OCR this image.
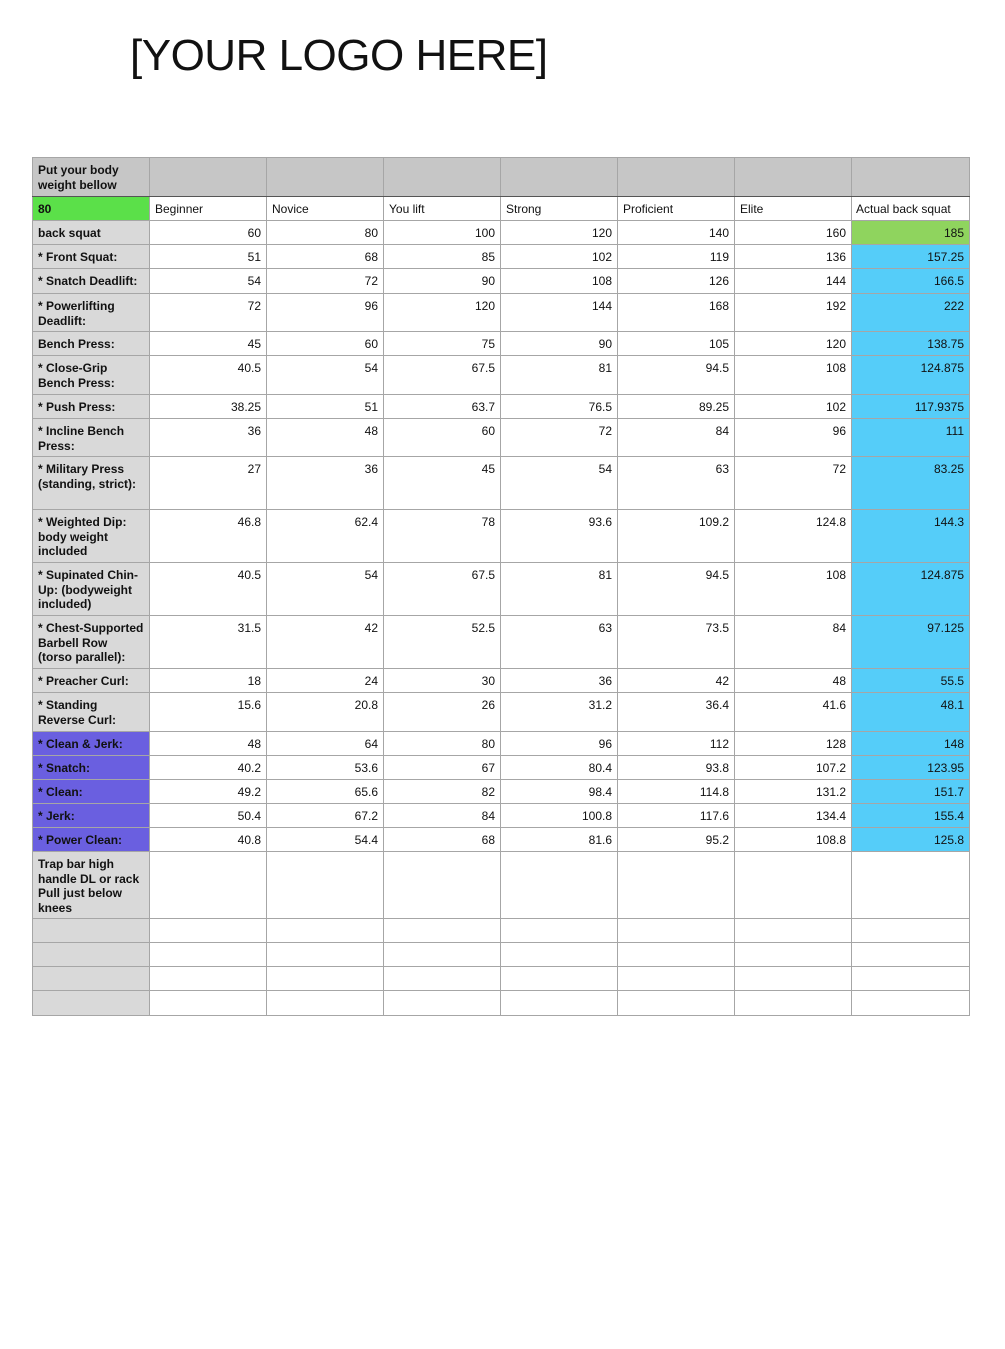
[YOUR LOGO HERE]
Put your body weight bellow							
80	Beginner	Novice	You lift	Strong	Proficient	Elite	Actual back squat
back squat	60	80	100	120	140	160	185
* Front Squat:	51	68	85	102	119	136	157.25
* Snatch Deadlift:	54	72	90	108	126	144	166.5
* Powerlifting Deadlift:	72	96	120	144	168	192	222
Bench Press:	45	60	75	90	105	120	138.75
* Close-Grip Bench Press:	40.5	54	67.5	81	94.5	108	124.875
* Push Press:	38.25	51	63.7	76.5	89.25	102	117.9375
* Incline Bench Press:	36	48	60	72	84	96	111
* Military Press (standing, strict):	27	36	45	54	63	72	83.25
* Weighted Dip: body weight included	46.8	62.4	78	93.6	109.2	124.8	144.3
* Supinated Chin-Up: (bodyweight included)	40.5	54	67.5	81	94.5	108	124.875
* Chest-Supported Barbell Row (torso parallel):	31.5	42	52.5	63	73.5	84	97.125
* Preacher Curl:	18	24	30	36	42	48	55.5
* Standing Reverse Curl:	15.6	20.8	26	31.2	36.4	41.6	48.1
* Clean & Jerk:	48	64	80	96	112	128	148
* Snatch:	40.2	53.6	67	80.4	93.8	107.2	123.95
* Clean:	49.2	65.6	82	98.4	114.8	131.2	151.7
* Jerk:	50.4	67.2	84	100.8	117.6	134.4	155.4
* Power Clean:	40.8	54.4	68	81.6	95.2	108.8	125.8
Trap bar high handle DL or rack Pull just below knees							
